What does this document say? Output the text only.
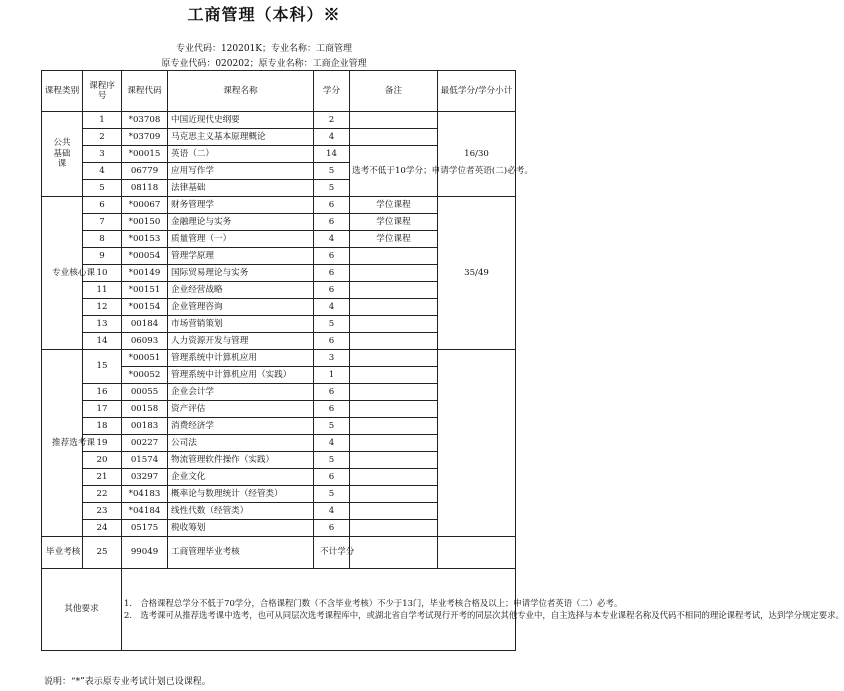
工商管理（本科）※
专业代码：120201K；专业名称：工商管理
原专业代码：020202；原专业名称：工商企业管理
课程类别	课程序号	课程代码	课程名称	学分	备注	最低学分/学分小计
公共基础课	1	*03708	中国近现代史纲要	2		16/30
	2	*03709	马克思主义基本原理概论	4		
	3	*00015	英语（二）	14	选考不低于10学分；申请学位者英语(二)必考。	
	4	06779	应用写作学	5		
	5	08118	法律基础	5		
专业核心课	6	*00067	财务管理学	6	学位课程	35/49
	7	*00150	金融理论与实务	6	学位课程	
	8	*00153	质量管理（一）	4	学位课程	
	9	*00054	管理学原理	6		
	10	*00149	国际贸易理论与实务	6		
	11	*00151	企业经营战略	6		
	12	*00154	企业管理咨询	4		
	13	00184	市场营销策划	5		
	14	06093	人力资源开发与管理	6		
推荐选考课	15	*00051	管理系统中计算机应用	3		
		*00052	管理系统中计算机应用（实践）	1		
	16	00055	企业会计学	6		
	17	00158	资产评估	6		
	18	00183	消费经济学	5		
	19	00227	公司法	4		
	20	01574	物流管理软件操作（实践）	5		
	21	03297	企业文化	6		
	22	*04183	概率论与数理统计（经管类）	5		
	23	*04184	线性代数（经管类）	4		
	24	05175	税收筹划	6		
毕业考核	25	99049	工商管理毕业考核	不计学分		
其他要求		1.　合格课程总学分不低于70学分，合格课程门数（不含毕业考核）不少于13门，毕业考核合格及以上；申请学位者英语（二）必考。

2.　选考课可从推荐选考课中选考，也可从同层次选考课程库中，或湖北省自学考试现行开考的同层次其他专业中，自主选择与本专业课程名称及代码不相同的理论课程考试，达到学分规定要求。				

说明：“*”表示原专业考试计划已设课程。
